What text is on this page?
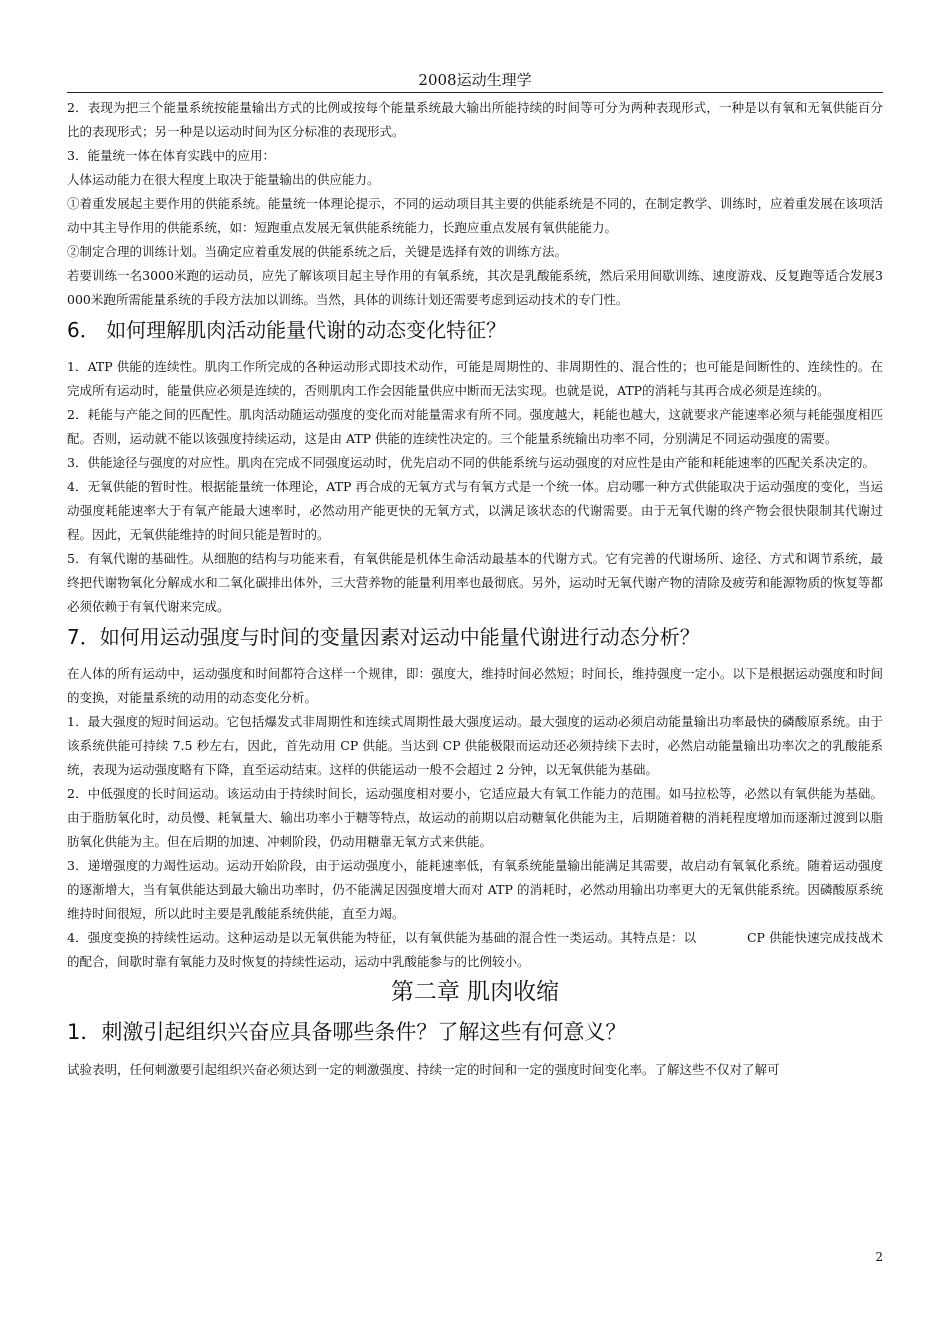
2008运动生理学

2．表现为把三个能量系统按能量输出方式的比例或按每个能量系统最大输出所能持续的时间等可分为两种表现形式，一种是以有氧和无氧供能百分比的表现形式；另一种是以运动时间为区分标准的表现形式。

3．能量统一体在体育实践中的应用：

人体运动能力在很大程度上取决于能量输出的供应能力。

①着重发展起主要作用的供能系统。能量统一体理论提示，不同的运动项目其主要的供能系统是不同的，在制定教学、训练时，应着重发展在该项活动中其主导作用的供能系统，如：短跑重点发展无氧供能系统能力，长跑应重点发展有氧供能能力。

②制定合理的训练计划。当确定应着重发展的供能系统之后，关键是选择有效的训练方法。

若要训练一名3000米跑的运动员，应先了解该项目起主导作用的有氧系统，其次是乳酸能系统，然后采用间歇训练、速度游戏、反复跑等适合发展3000米跑所需能量系统的手段方法加以训练。当然，具体的训练计划还需要考虑到运动技术的专门性。

6． 如何理解肌肉活动能量代谢的动态变化特征？

1．ATP 供能的连续性。肌肉工作所完成的各种运动形式即技术动作，可能是周期性的、非周期性的、混合性的；也可能是间断性的、连续性的。在完成所有运动时，能量供应必须是连续的，否则肌肉工作会因能量供应中断而无法实现。也就是说，ATP的消耗与其再合成必须是连续的。

2．耗能与产能之间的匹配性。肌肉活动随运动强度的变化而对能量需求有所不同。强度越大，耗能也越大，这就要求产能速率必须与耗能强度相匹配。否则，运动就不能以该强度持续运动，这是由 ATP 供能的连续性决定的。三个能量系统输出功率不同，分别满足不同运动强度的需要。

3．供能途径与强度的对应性。肌肉在完成不同强度运动时，优先启动不同的供能系统与运动强度的对应性是由产能和耗能速率的匹配关系决定的。

4．无氧供能的暂时性。根据能量统一体理论，ATP 再合成的无氧方式与有氧方式是一个统一体。启动哪一种方式供能取决于运动强度的变化，当运动强度耗能速率大于有氧产能最大速率时，必然动用产能更快的无氧方式，以满足该状态的代谢需要。由于无氧代谢的终产物会很快限制其代谢过程。因此，无氧供能维持的时间只能是暂时的。

5．有氧代谢的基础性。从细胞的结构与功能来看，有氧供能是机体生命活动最基本的代谢方式。它有完善的代谢场所、途径、方式和调节系统，最终把代谢物氧化分解成水和二氧化碳排出体外，三大营养物的能量利用率也最彻底。另外，运动时无氧代谢产物的清除及疲劳和能源物质的恢复等都必须依赖于有氧代谢来完成。

7．如何用运动强度与时间的变量因素对运动中能量代谢进行动态分析？

在人体的所有运动中，运动强度和时间都符合这样一个规律，即：强度大，维持时间必然短；时间长，维持强度一定小。以下是根据运动强度和时间的变换，对能量系统的动用的动态变化分析。

1．最大强度的短时间运动。它包括爆发式非周期性和连续式周期性最大强度运动。最大强度的运动必须启动能量输出功率最快的磷酸原系统。由于该系统供能可持续 7.5 秒左右，因此，首先动用 CP 供能。当达到 CP 供能极限而运动还必须持续下去时，必然启动能量输出功率次之的乳酸能系统，表现为运动强度略有下降，直至运动结束。这样的供能运动一般不会超过 2 分钟，以无氧供能为基础。

2．中低强度的长时间运动。该运动由于持续时间长，运动强度相对要小，它适应最大有氧工作能力的范围。如马拉松等，必然以有氧供能为基础。由于脂肪氧化时，动员慢、耗氧量大、输出功率小于糖等特点，故运动的前期以启动糖氧化供能为主，后期随着糖的消耗程度增加而逐渐过渡到以脂肪氧化供能为主。但在后期的加速、冲刺阶段，仍动用糖靠无氧方式来供能。

3．递增强度的力竭性运动。运动开始阶段，由于运动强度小，能耗速率低，有氧系统能量输出能满足其需要，故启动有氧氧化系统。随着运动强度的逐渐增大，当有氧供能达到最大输出功率时，仍不能满足因强度增大而对 ATP 的消耗时，必然动用输出功率更大的无氧供能系统。因磷酸原系统维持时间很短，所以此时主要是乳酸能系统供能，直至力竭。

4．强度变换的持续性运动。这种运动是以无氧供能为特征，以有氧供能为基础的混合性一类运动。其特点是：以　　　　CP 供能快速完成技战术的配合，间歇时靠有氧能力及时恢复的持续性运动，运动中乳酸能参与的比例较小。

第二章 肌肉收缩
1．刺激引起组织兴奋应具备哪些条件？了解这些有何意义？

试验表明，任何刺激要引起组织兴奋必须达到一定的刺激强度、持续一定的时间和一定的强度时间变化率。了解这些不仅对了解可

2
